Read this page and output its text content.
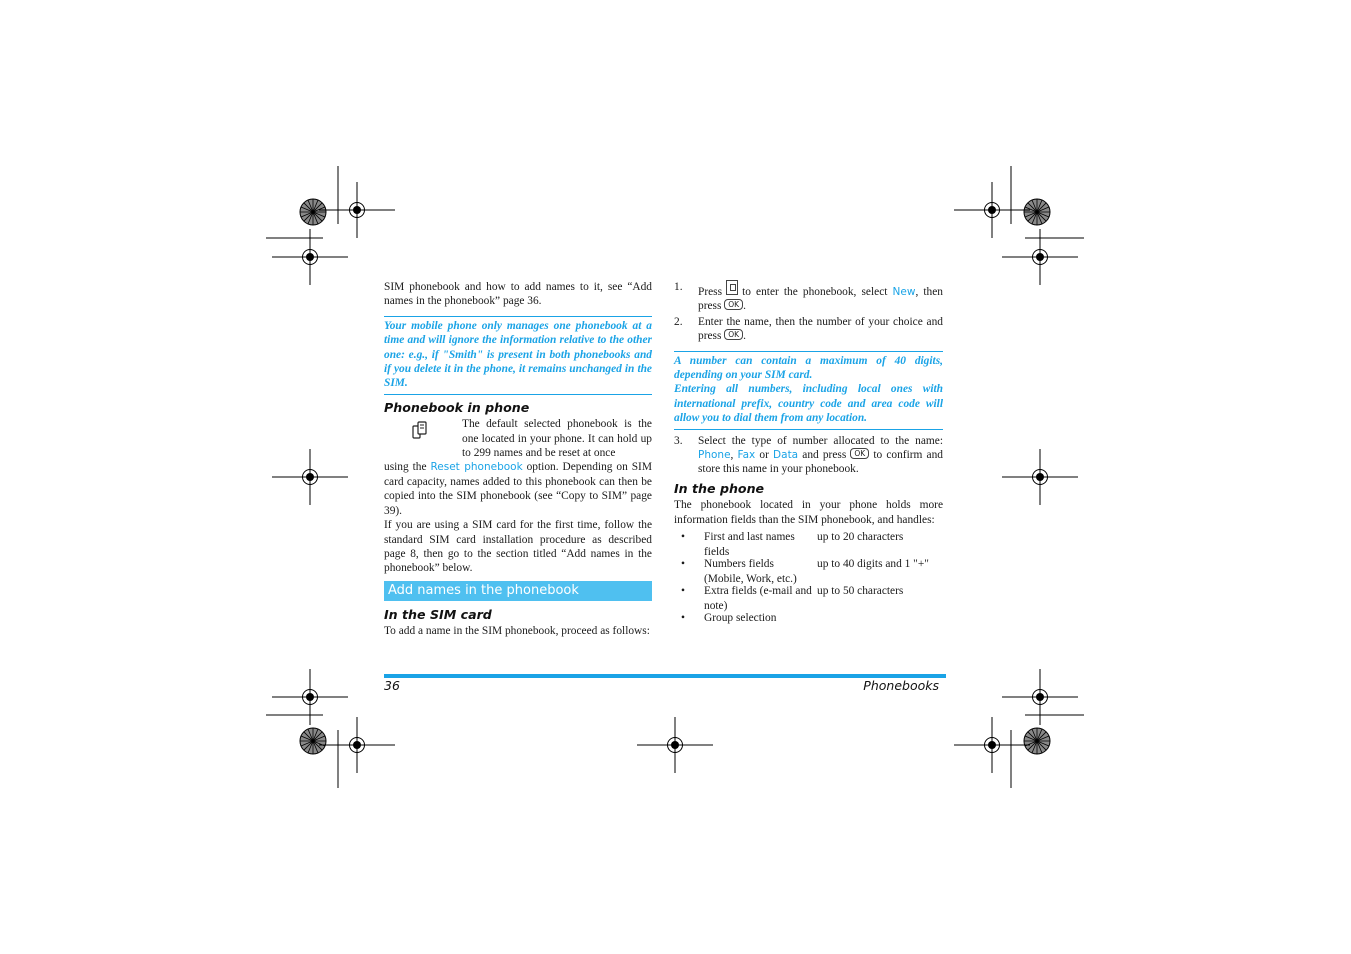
SIM phonebook and how to add names to it, see “Add names in the phonebook” page 36.

Your mobile phone only manages one phonebook at a time and will ignore the information relative to the other one: e.g., if "Smith" is present in both phonebooks and if you delete it in the phone, it remains unchanged in the SIM.

Phonebook in phone

The default selected phonebook is the one located in your phone. It can hold up to 299 names and be reset at once

using the Reset phonebook option. Depending on SIM card capacity, names added to this phonebook can then be copied into the SIM phonebook (see “Copy to SIM” page 39).

If you are using a SIM card for the first time, follow the standard SIM card installation procedure as described page 8, then go to the section titled “Add names in the phonebook” below.

Add names in the phonebook

In the SIM card

To add a name in the SIM phonebook, proceed as follows:

1. Press to enter the phonebook, select New, then press OK .
2. Enter the name, then the number of your choice and press OK .

A number can contain a maximum of 40 digits, depending on your SIM card.

Entering all numbers, including local ones with international prefix, country code and area code will allow you to dial them from any location.

3. Select the type of number allocated to the name: Phone, Fax or Data and press OK to confirm and store this name in your phonebook.

In the phone

The phonebook located in your phone holds more information fields than the SIM phonebook, and handles:

• First and last names fields
up to 20 characters
• Numbers fields (Mobile, Work, etc.)
up to 40 digits and 1 "+"
• Extra fields (e-mail and note)
up to 50 characters
• Group selection
36	Phonebooks
